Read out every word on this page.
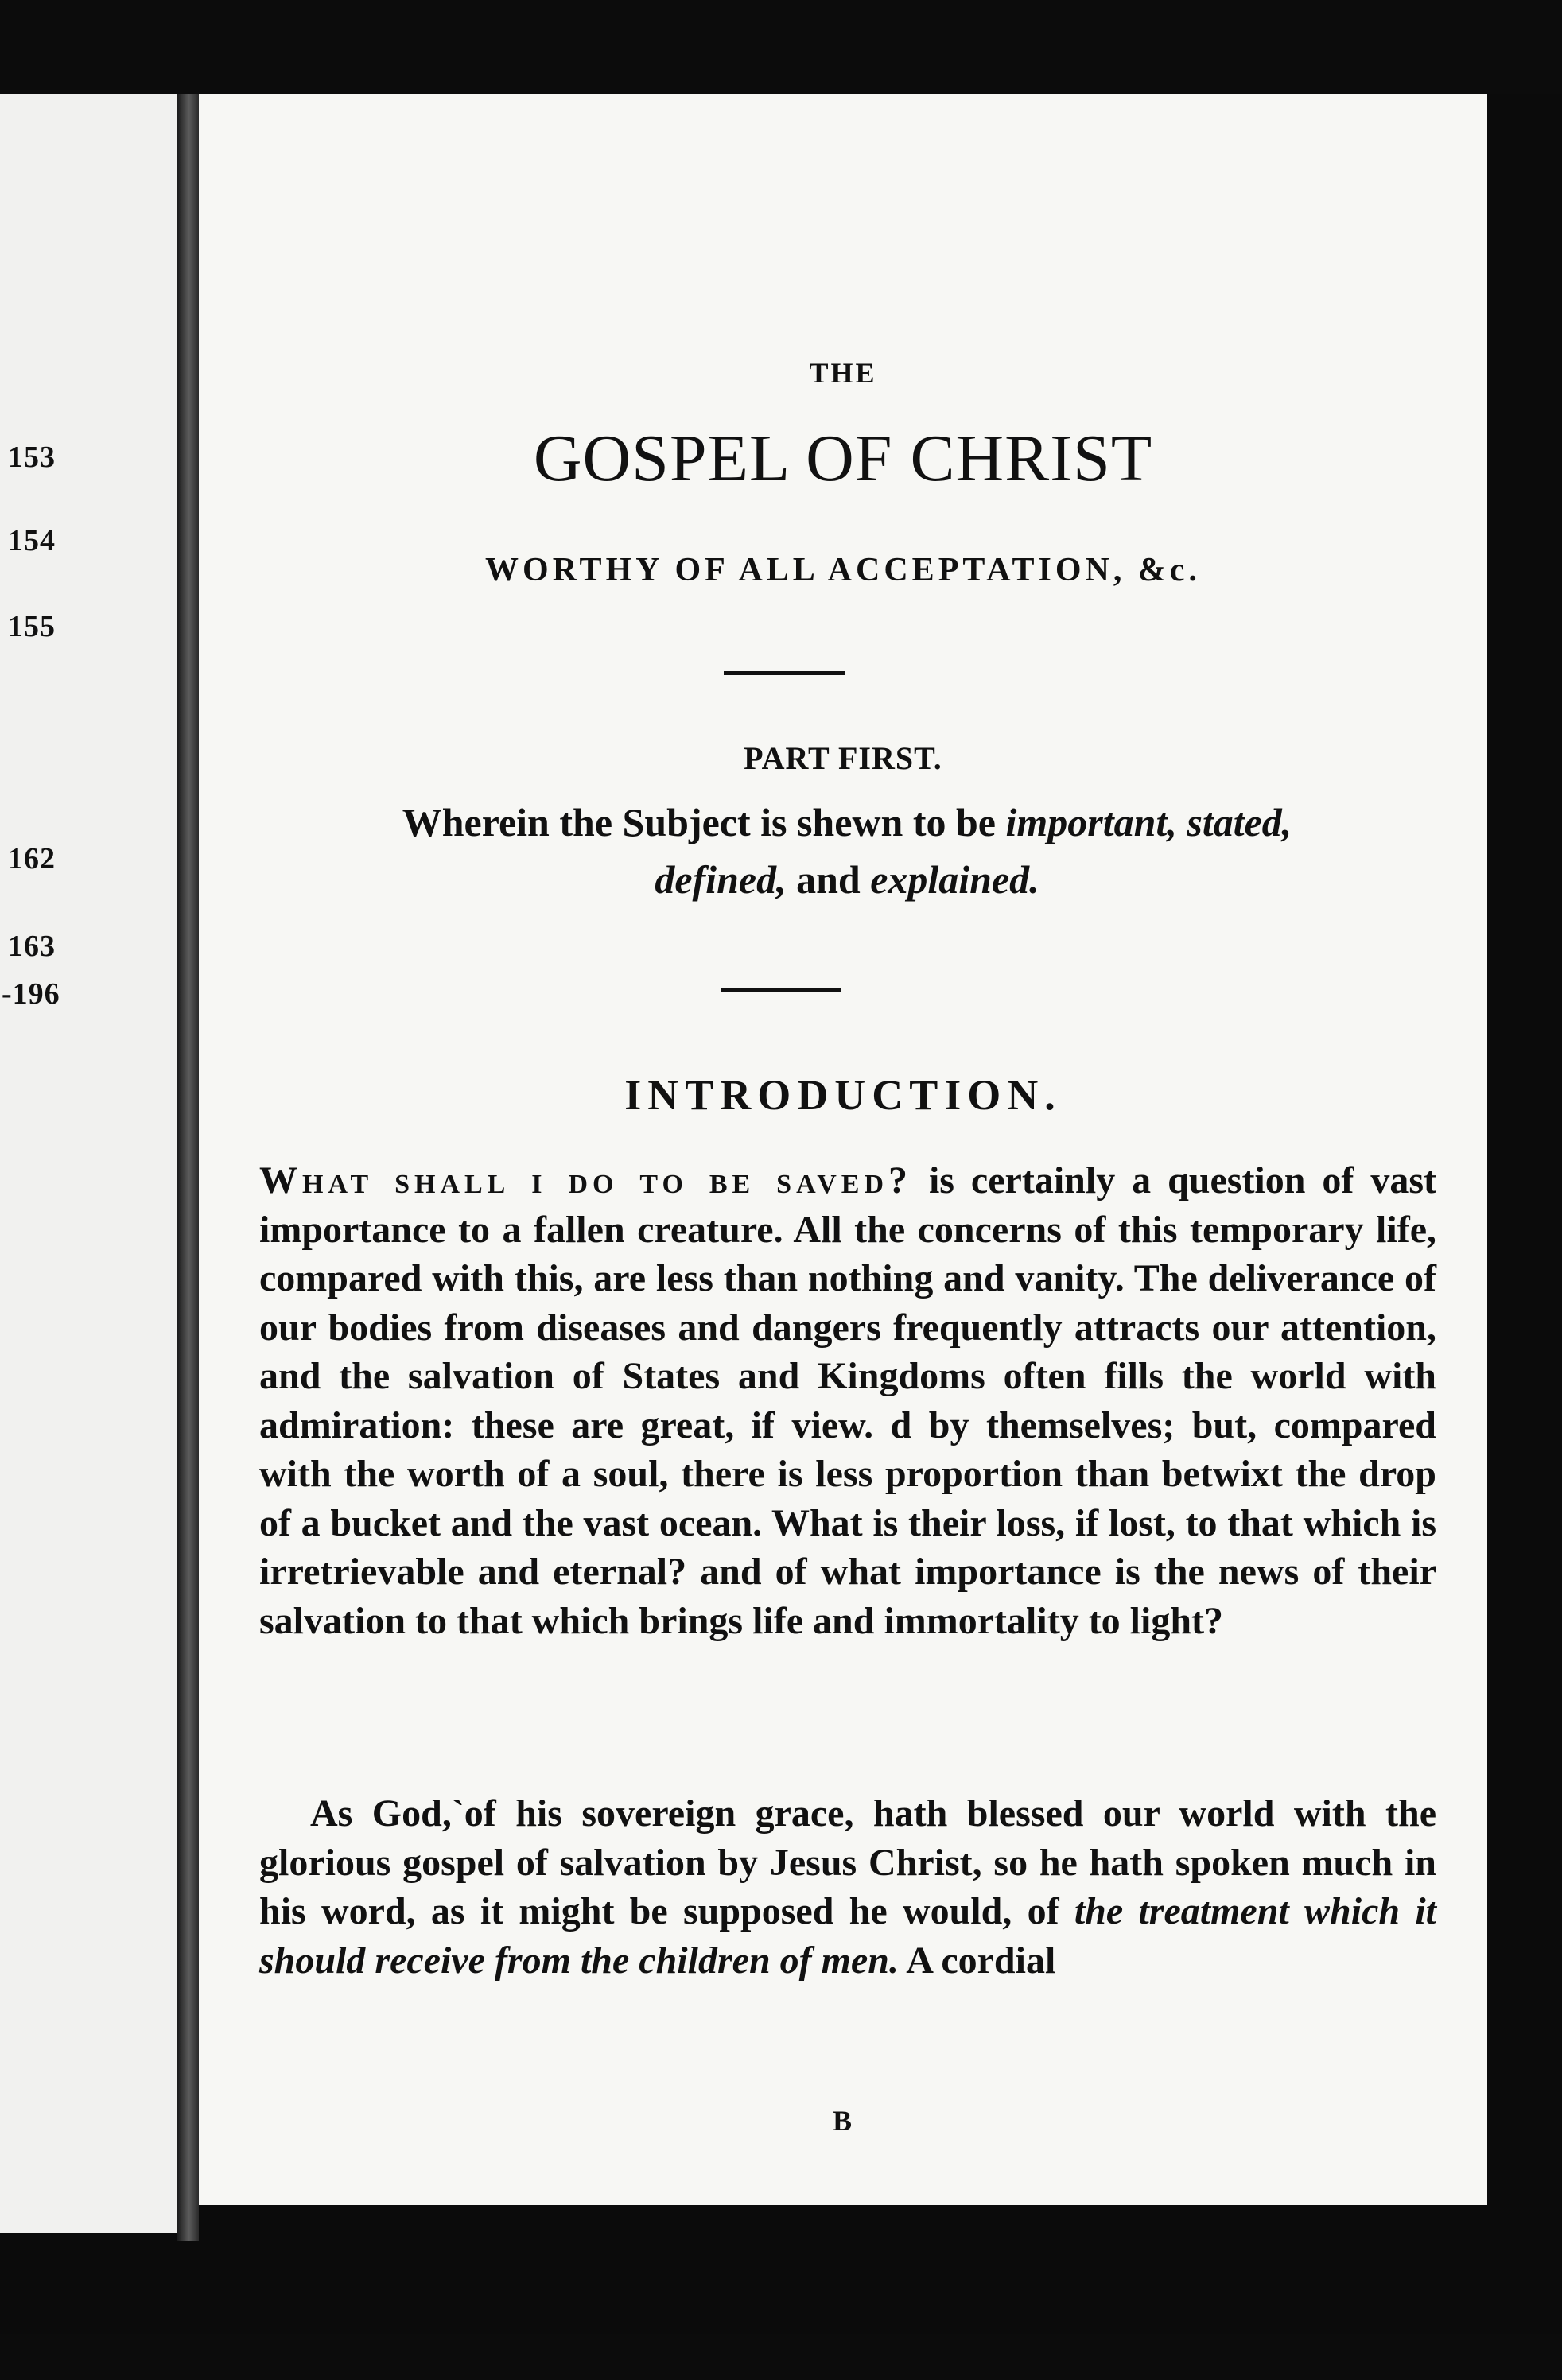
153
154
155
162
163
-196
THE
GOSPEL OF CHRIST
WORTHY OF ALL ACCEPTATION, &c.
PART FIRST.
Wherein the Subject is shewn to be important, stated,
defined, and explained.
INTRODUCTION.
What shall i do to be saved? is certainly a question of vast importance to a fallen creature. All the concerns of this temporary life, compared with this, are less than nothing and vanity. The deliverance of our bodies from diseases and dangers frequently attracts our attention, and the salvation of States and Kingdoms often fills the world with admiration: these are great, if view. d by themselves; but, compared with the worth of a soul, there is less proportion than betwixt the drop of a bucket and the vast ocean. What is their loss, if lost, to that which is irretrievable and eternal? and of what importance is the news of their salvation to that which brings life and immortality to light?
As God,`of his sovereign grace, hath blessed our world with the glorious gospel of salvation by Jesus Christ, so he hath spoken much in his word, as it might be supposed he would, of the treatment which it should receive from the children of men. A cordial
B
